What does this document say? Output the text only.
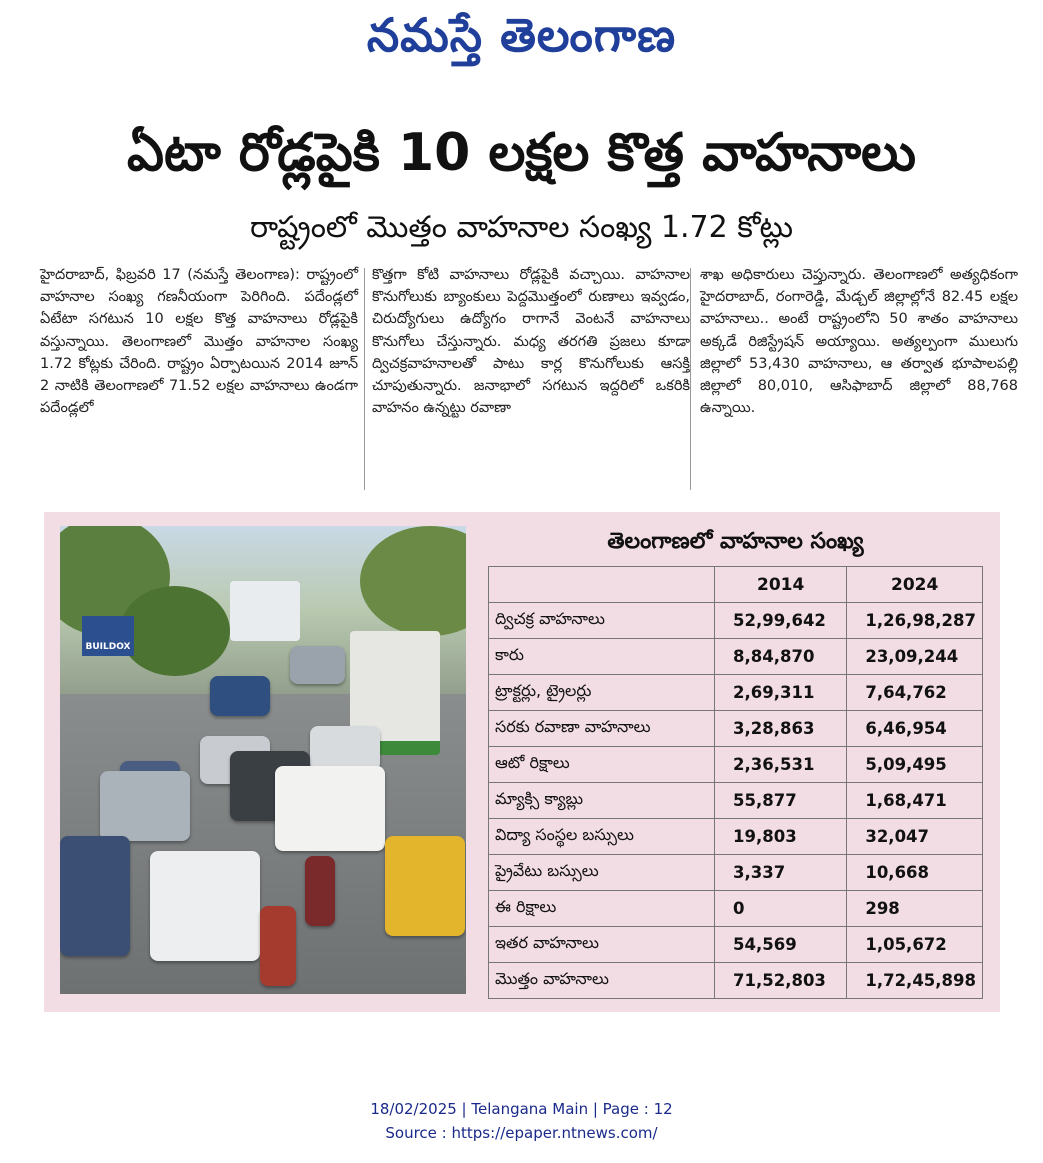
నమస్తే తెలంగాణ
ఏటా రోడ్లపైకి 10 లక్షల కొత్త వాహనాలు
రాష్ట్రంలో మొత్తం వాహనాల సంఖ్య 1.72 కోట్లు
హైదరాబాద్, ఫిబ్రవరి 17 (నమస్తే తెలంగాణ): రాష్ట్రంలో వాహనాల సంఖ్య గణనీయంగా పెరిగింది. పదేండ్లలో ఏటేటా సగటున 10 లక్షల కొత్త వాహనాలు రోడ్లపైకి వస్తున్నాయి. తెలంగాణలో మొత్తం వాహనాల సంఖ్య 1.72 కోట్లకు చేరింది. రాష్ట్రం ఏర్పాటయిన 2014 జూన్ 2 నాటికి తెలంగాణలో 71.52 లక్షల వాహనాలు ఉండగా పదేండ్లలో
కొత్తగా కోటి వాహనాలు రోడ్లపైకి వచ్చాయి. వాహనాల కొనుగోలుకు బ్యాంకులు పెద్దమొత్తంలో రుణాలు ఇవ్వడం, చిరుద్యోగులు ఉద్యోగం రాగానే వెంటనే వాహనాలు కొనుగోలు చేస్తున్నారు. మధ్య తరగతి ప్రజలు కూడా ద్విచక్రవాహనాలతో పాటు కార్ల కొనుగోలుకు ఆసక్తి చూపుతున్నారు. జనాభాలో సగటున ఇద్దరిలో ఒకరికి వాహనం ఉన్నట్టు రవాణా
శాఖ అధికారులు చెప్తున్నారు. తెలంగాణలో అత్యధికంగా హైదరాబాద్, రంగారెడ్డి, మేడ్చల్ జిల్లాల్లోనే 82.45 లక్షల వాహనాలు.. అంటే రాష్ట్రంలోని 50 శాతం వాహనాలు అక్కడే రిజిస్ట్రేషన్ అయ్యాయి. అత్యల్పంగా ములుగు జిల్లాలో 53,430 వాహనాలు, ఆ తర్వాత భూపాలపల్లి జిల్లాలో 80,010, ఆసిఫాబాద్ జిల్లాలో 88,768 ఉన్నాయి.
BUILDOX
తెలంగాణలో వాహనాల సంఖ్య
	2014	2024
ద్విచక్ర వాహనాలు	52,99,642	1,26,98,287
కారు	8,84,870	23,09,244
ట్రాక్టర్లు, ట్రైలర్లు	2,69,311	7,64,762
సరకు రవాణా వాహనాలు	3,28,863	6,46,954
ఆటో రిక్షాలు	2,36,531	5,09,495
మ్యాక్సి క్యాబ్లు	55,877	1,68,471
విద్యా సంస్థల బస్సులు	19,803	32,047
ప్రైవేటు బస్సులు	3,337	10,668
ఈ రిక్షాలు	0	298
ఇతర వాహనాలు	54,569	1,05,672
మొత్తం వాహనాలు	71,52,803	1,72,45,898
18/02/2025 | Telangana Main | Page : 12
Source : https://epaper.ntnews.com/
